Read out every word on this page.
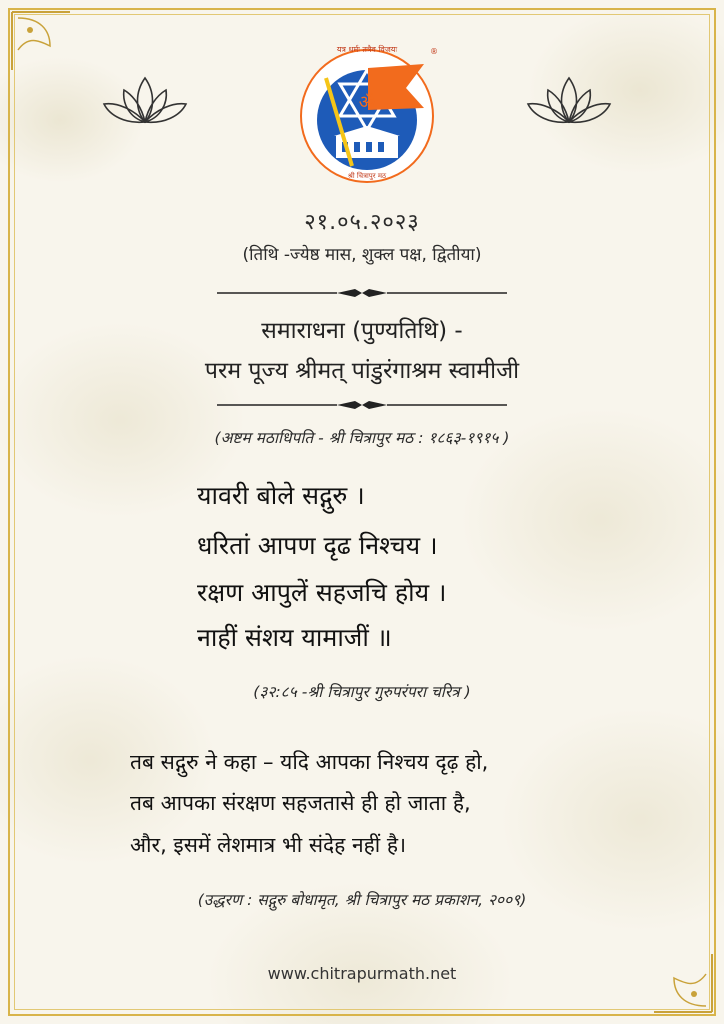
ॐ
यत्र धर्मः तत्रैव विजयः	®
श्री चित्रापुर मठ
२१.०५.२०२३
(तिथि -ज्येष्ठ मास, शुक्ल पक्ष, द्वितीया)
समाराधना (पुण्यतिथि) -
परम पूज्य श्रीमत् पांडुरंगाश्रम स्वामीजी
(अष्टम मठाधिपति - श्री चित्रापुर मठ : १८६३-१९१५ )
यावरी बोले सद्गुरु ।
धरितां आपण दृढ निश्चय ।
रक्षण आपुलें सहजचि होय ।
नाहीं संशय यामाजीं ॥
(३२:८५ -श्री चित्रापुर गुरुपरंपरा चरित्र )
तब सद्गुरु ने कहा – यदि आपका निश्चय दृढ़ हो,
तब आपका संरक्षण सहजतासे ही हो जाता है,
और, इसमें लेशमात्र भी संदेह नहीं है।
(उद्धरण : सद्गुरु बोधामृत, श्री चित्रापुर मठ प्रकाशन, २००९)
www.chitrapurmath.net
